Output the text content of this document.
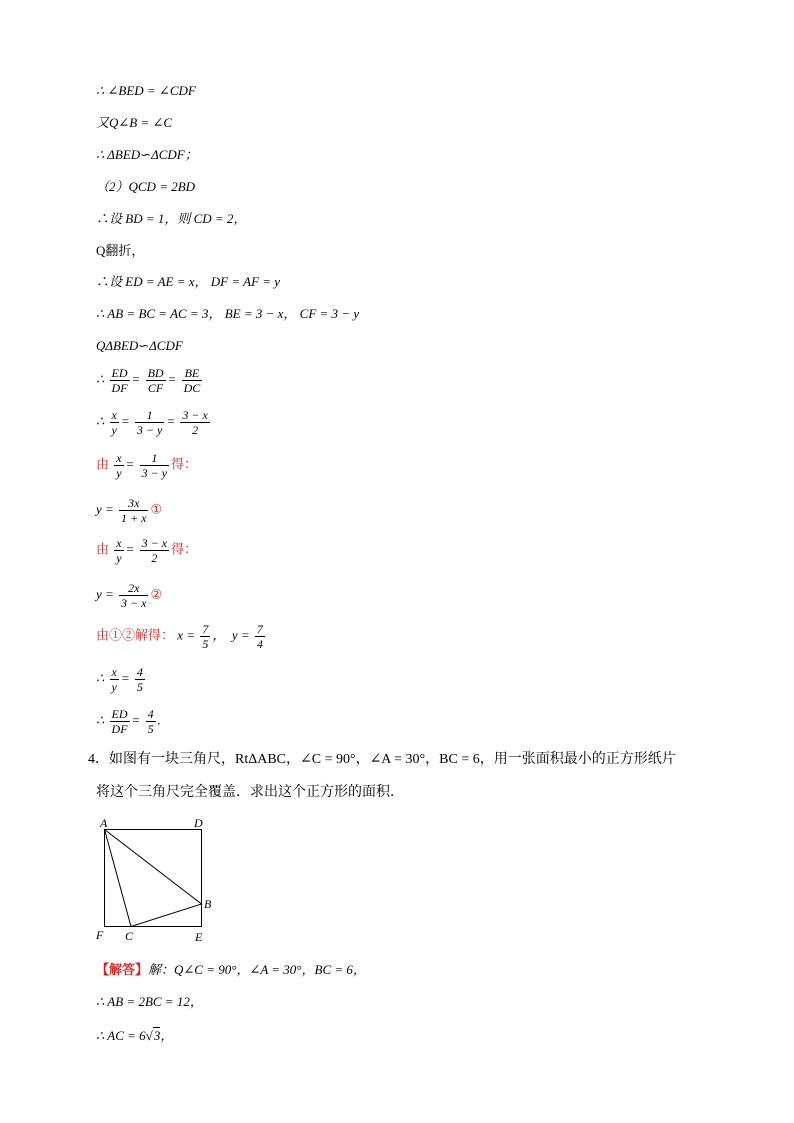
∴ ∠BED = ∠CDF
又Q∠B = ∠C
∴ ΔBED∽ΔCDF；
（2）QCD = 2BD
∴设 BD = 1，则 CD = 2，
Q翻折，
∴设 ED = AE = x， DF = AF = y
∴ AB = BC = AC = 3， BE = 3 − x， CF = 3 − y
QΔBED∽ΔCDF
∴ $\frac{ED}{DF} = \frac{BD}{CF} = \frac{BE}{DC}$
∴ $\frac{x}{y} = \frac{1}{3 - y} = \frac{3 - x}{2}$
由 $\frac{x}{y} = \frac{1}{3 - y}$ 得：
$y = \frac{3x}{1 + x}$ ①
由 $\frac{x}{y} = \frac{3 - x}{2}$ 得：
$y = \frac{2x}{3 - x}$ ②
由①②解得： $x = \frac{7}{5}$ ，  $y = \frac{7}{4}$
∴ $\frac{x}{y} = \frac{4}{5}$
∴ $\frac{ED}{DF} = \frac{4}{5}$ .
4．如图有一块三角尺，RtΔABC，∠C = 90°，∠A = 30°，BC = 6，用一张面积最小的正方形纸片
将这个三角尺完全覆盖．求出这个正方形的面积．
A	D
B
F C	E
【解答】解：Q∠C = 90°，∠A = 30°，BC = 6，
∴ AB = 2BC = 12，
∴ AC = 6√3，
